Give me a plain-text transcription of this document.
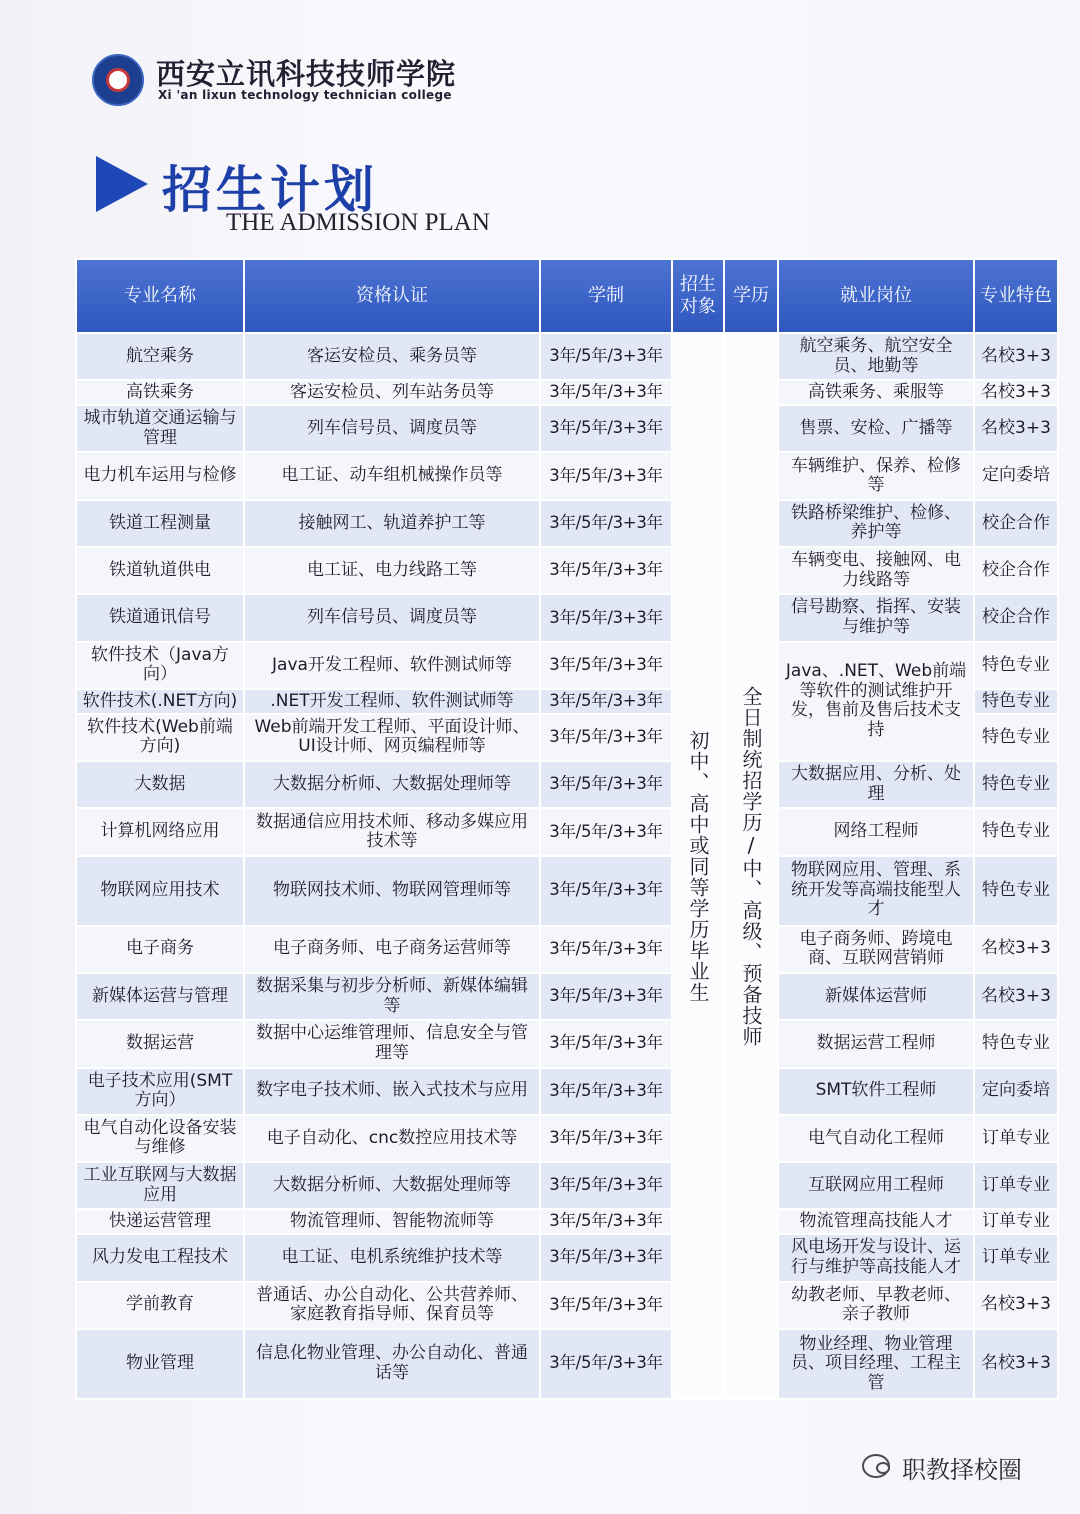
西安立讯科技技师学院
Xi 'an lixun technology technician college
招生计划
THE ADMISSION PLAN
专业名称	资格认证	学制	招生对象	学历	就业岗位	专业特色
航空乘务	客运安检员、乘务员等	3年/5年/3+3年	初中、高中或同等学历毕业生	全日制统招学历/中、高级、预备技师	航空乘务、航空安全员、地勤等	名校3+3
高铁乘务	客运安检员、列车站务员等	3年/5年/3+3年			高铁乘务、乘服等	名校3+3
城市轨道交通运输与管理	列车信号员、调度员等	3年/5年/3+3年			售票、安检、广播等	名校3+3
电力机车运用与检修	电工证、动车组机械操作员等	3年/5年/3+3年			车辆维护、保养、检修等	定向委培
铁道工程测量	接触网工、轨道养护工等	3年/5年/3+3年			铁路桥梁维护、检修、养护等	校企合作
铁道轨道供电	电工证、电力线路工等	3年/5年/3+3年			车辆变电、接触网、电力线路等	校企合作
铁道通讯信号	列车信号员、调度员等	3年/5年/3+3年			信号勘察、指挥、安装与维护等	校企合作
软件技术（Java方向）	Java开发工程师、软件测试师等	3年/5年/3+3年			Java、.NET、Web前端等软件的测试维护开发，售前及售后技术支持	特色专业
软件技术(.NET方向)	.NET开发工程师、软件测试师等	3年/5年/3+3年				特色专业
软件技术(Web前端方向)	Web前端开发工程师、平面设计师、UI设计师、网页编程师等	3年/5年/3+3年				特色专业
大数据	大数据分析师、大数据处理师等	3年/5年/3+3年			大数据应用、分析、处理	特色专业
计算机网络应用	数据通信应用技术师、移动多媒应用技术等	3年/5年/3+3年			网络工程师	特色专业
物联网应用技术	物联网技术师、物联网管理师等	3年/5年/3+3年			物联网应用、管理、系统开发等高端技能型人才	特色专业
电子商务	电子商务师、电子商务运营师等	3年/5年/3+3年			电子商务师、跨境电商、互联网营销师	名校3+3
新媒体运营与管理	数据采集与初步分析师、新媒体编辑等	3年/5年/3+3年			新媒体运营师	名校3+3
数据运营	数据中心运维管理师、信息安全与管理等	3年/5年/3+3年			数据运营工程师	特色专业
电子技术应用(SMT方向）	数字电子技术师、嵌入式技术与应用	3年/5年/3+3年			SMT软件工程师	定向委培
电气自动化设备安装与维修	电子自动化、cnc数控应用技术等	3年/5年/3+3年			电气自动化工程师	订单专业
工业互联网与大数据应用	大数据分析师、大数据处理师等	3年/5年/3+3年			互联网应用工程师	订单专业
快递运营管理	物流管理师、智能物流师等	3年/5年/3+3年			物流管理高技能人才	订单专业
风力发电工程技术	电工证、电机系统维护技术等	3年/5年/3+3年			风电场开发与设计、运行与维护等高技能人才	订单专业
学前教育	普通话、办公自动化、公共营养师、家庭教育指导师、保育员等	3年/5年/3+3年			幼教老师、早教老师、亲子教师	名校3+3
物业管理	信息化物业管理、办公自动化、普通话等	3年/5年/3+3年			物业经理、物业管理员、项目经理、工程主管	名校3+3
职教择校圈
